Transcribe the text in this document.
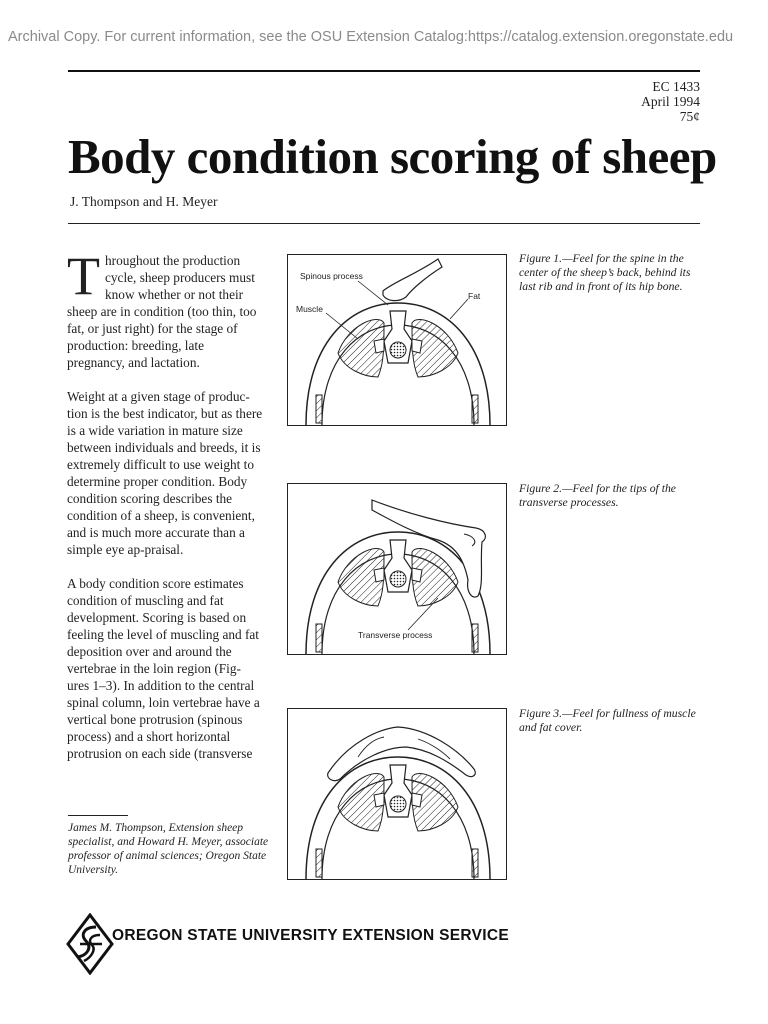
Archival Copy. For current information, see the OSU Extension Catalog:https://catalog.extension.oregonstate.edu
EC 1433
April 1994
75¢
Body condition scoring of sheep
J. Thompson and H. Meyer

Throughout the production cycle, sheep producers must know whether or not their sheep are in condition (too thin, too fat, or just right) for the stage of production: breeding, late pregnancy, and lactation.

Weight at a given stage of produc-tion is the best indicator, but as there is a wide variation in mature size between individuals and breeds, it is extremely difficult to use weight to determine proper condition. Body condition scoring describes the condition of a sheep, is convenient, and is much more accurate than a simple eye ap-praisal.

A body condition score estimates condition of muscling and fat development. Scoring is based on feeling the level of muscling and fat deposition over and around the vertebrae in the loin region (Fig-ures 1–3). In addition to the central spinal column, loin vertebrae have a vertical bone protrusion (spinous process) and a short horizontal protrusion on each side (transverse

James M. Thompson, Extension sheep specialist, and Howard H. Meyer, associate professor of animal sciences; Oregon State University.
Spinous process
Muscle
Fat
Figure 1.—Feel for the spine in the center of the sheep’s back, behind its last rib and in front of its hip bone.
Transverse process
Figure 2.—Feel for the tips of the transverse processes.
Figure 3.—Feel for fullness of muscle and fat cover.
OREGON STATE UNIVERSITY EXTENSION SERVICE
